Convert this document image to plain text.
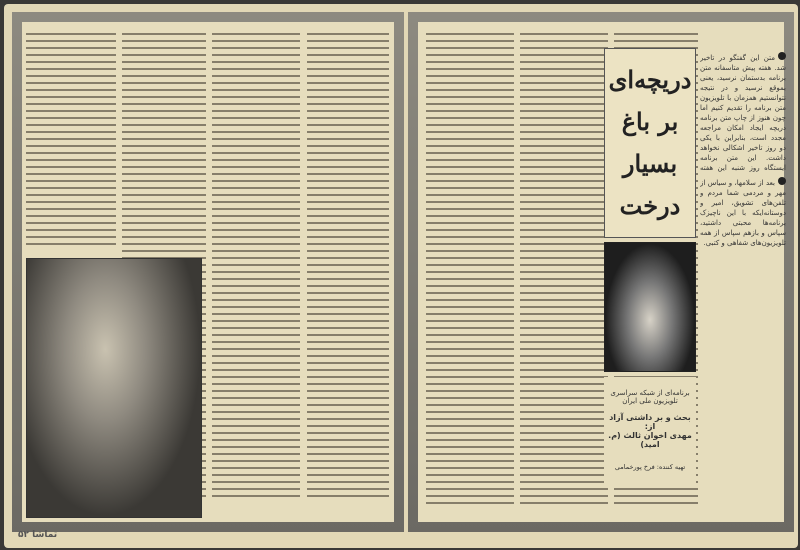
دریچه‌ای
بر باغ
بسیار
درخت
متن این گفتگو در تاخیر شد. هفته پیش متاسفانه متن برنامه بدستمان نرسید، یعنی بموقع نرسید و در نتیجه نتوانستیم همزمان با تلویزیون متن برنامه را تقدیم کنیم اما چون هنوز از چاپ متن برنامه دریچه ایجاد امکان مراجعه مجدد است، بنابراین با یکی دو روز تاخیر اشکالی نخواهد داشت. این متن برنامه ایستگاه روز شنبه این هفته
بعد از سلامها، و سیاس از مهر و مردمی شما مردم و تلفن‌های تشویق، امیر و دوستانه‌ایکه با این ناچیزک برنامه‌ها محبتی داشتید، سپاس و بازهم سپاس از همه تلویزیون‌های شفاهی و کتبی.
برنامه‌ای از شبکه سراسری
تلویزیون ملی ایران
بحث و بر داشتی آزاد از:
مهدی اخوان ثالث (م. امید)
تهیه کننده: فرخ پورخمامی
۵۲ تماشا
